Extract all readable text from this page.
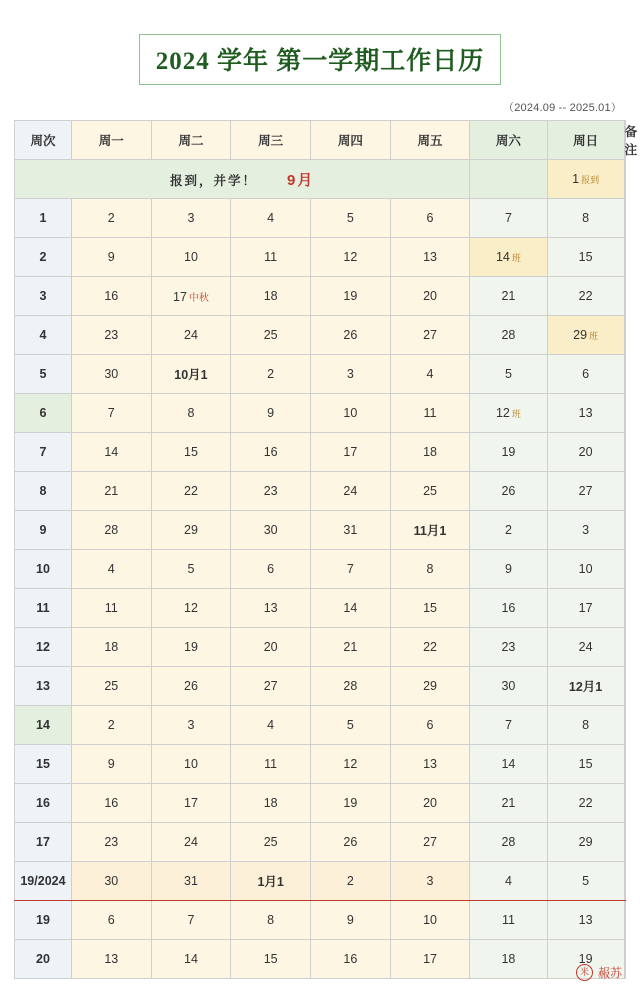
2024 学年 第一学期工作日历
（2024.09 -- 2025.01）
周次	周一	周二	周三	周四	周五	周六	周日	备注
报到，并学！ 9月							1 报到	
1	2	3	4	5	6	7	8	
2	9	10	11	12	13	14 班	15	
3	16	17 中秋	18	19	20	21	22	
4	23	24	25	26	27	28	29 班	
5	30	10月1	2	3	4	5	6	
6	7	8	9	10	11	12 班	13	
7	14	15	16	17	18	19	20	
8	21	22	23	24	25	26	27	
9	28	29	30	31	11月1	2	3	
10	4	5	6	7	8	9	10	
11	11	12	13	14	15	16	17	
12	18	19	20	21	22	23	24	
13	25	26	27	28	29	30	12月1	
14	2	3	4	5	6	7	8	
15	9	10	11	12	13	14	15	
16	16	17	18	19	20	21	22	
17	23	24	25	26	27	28	29	
19/2024	30	31	1月1	2	3	4	5	
19	6	7	8	9	10	11	13	
20	13	14	15	16	17	18	19	
米 赧苏
